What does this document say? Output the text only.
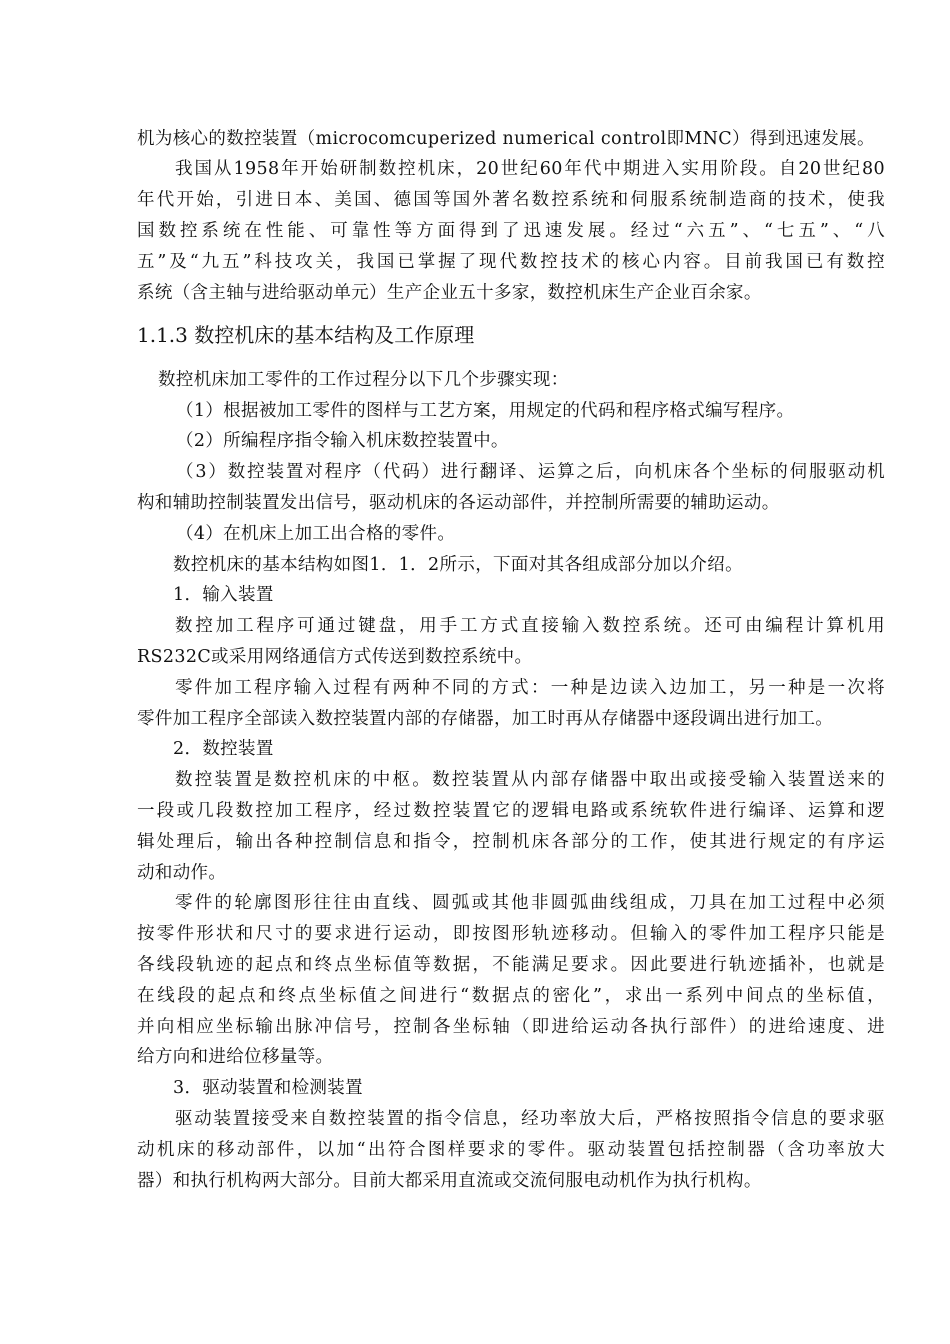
机为核心的数控装置（microcomcuperized numerical control即MNC）得到迅速发展。
我国从1958年开始研制数控机床，20世纪60年代中期进入实用阶段。自20世纪80
年代开始，引进日本、美国、德国等国外著名数控系统和伺服系统制造商的技术，使我
国数控系统在性能、可靠性等方面得到了迅速发展。经过“六五”、“七五”、“八
五”及“九五”科技攻关，我国已掌握了现代数控技术的核心内容。目前我国已有数控
系统（含主轴与进给驱动单元）生产企业五十多家，数控机床生产企业百余家。
1.1.3 数控机床的基本结构及工作原理
数控机床加工零件的工作过程分以下几个步骤实现：
（1）根据被加工零件的图样与工艺方案，用规定的代码和程序格式编写程序。
（2）所编程序指令输入机床数控装置中。
（3）数控装置对程序（代码）进行翻译、运算之后，向机床各个坐标的伺服驱动机
构和辅助控制装置发出信号，驱动机床的各运动部件，并控制所需要的辅助运动。
（4）在机床上加工出合格的零件。
数控机床的基本结构如图1．1．2所示，下面对其各组成部分加以介绍。
1．输入装置
数控加工程序可通过键盘，用手工方式直接输入数控系统。还可由编程计算机用
RS232C或采用网络通信方式传送到数控系统中。
零件加工程序输入过程有两种不同的方式：一种是边读入边加工，另一种是一次将
零件加工程序全部读入数控装置内部的存储器，加工时再从存储器中逐段调出进行加工。
2．数控装置
数控装置是数控机床的中枢。数控装置从内部存储器中取出或接受输入装置送来的
一段或几段数控加工程序，经过数控装置它的逻辑电路或系统软件进行编译、运算和逻
辑处理后，输出各种控制信息和指令，控制机床各部分的工作，使其进行规定的有序运
动和动作。
零件的轮廓图形往往由直线、圆弧或其他非圆弧曲线组成，刀具在加工过程中必须
按零件形状和尺寸的要求进行运动，即按图形轨迹移动。但输入的零件加工程序只能是
各线段轨迹的起点和终点坐标值等数据，不能满足要求。因此要进行轨迹插补，也就是
在线段的起点和终点坐标值之间进行“数据点的密化”，求出一系列中间点的坐标值，
并向相应坐标输出脉冲信号，控制各坐标轴（即进给运动各执行部件）的进给速度、进
给方向和进给位移量等。
3．驱动装置和检测装置
驱动装置接受来自数控装置的指令信息，经功率放大后，严格按照指令信息的要求驱
动机床的移动部件，以加“出符合图样要求的零件。驱动装置包括控制器（含功率放大
器）和执行机构两大部分。目前大都采用直流或交流伺服电动机作为执行机构。
